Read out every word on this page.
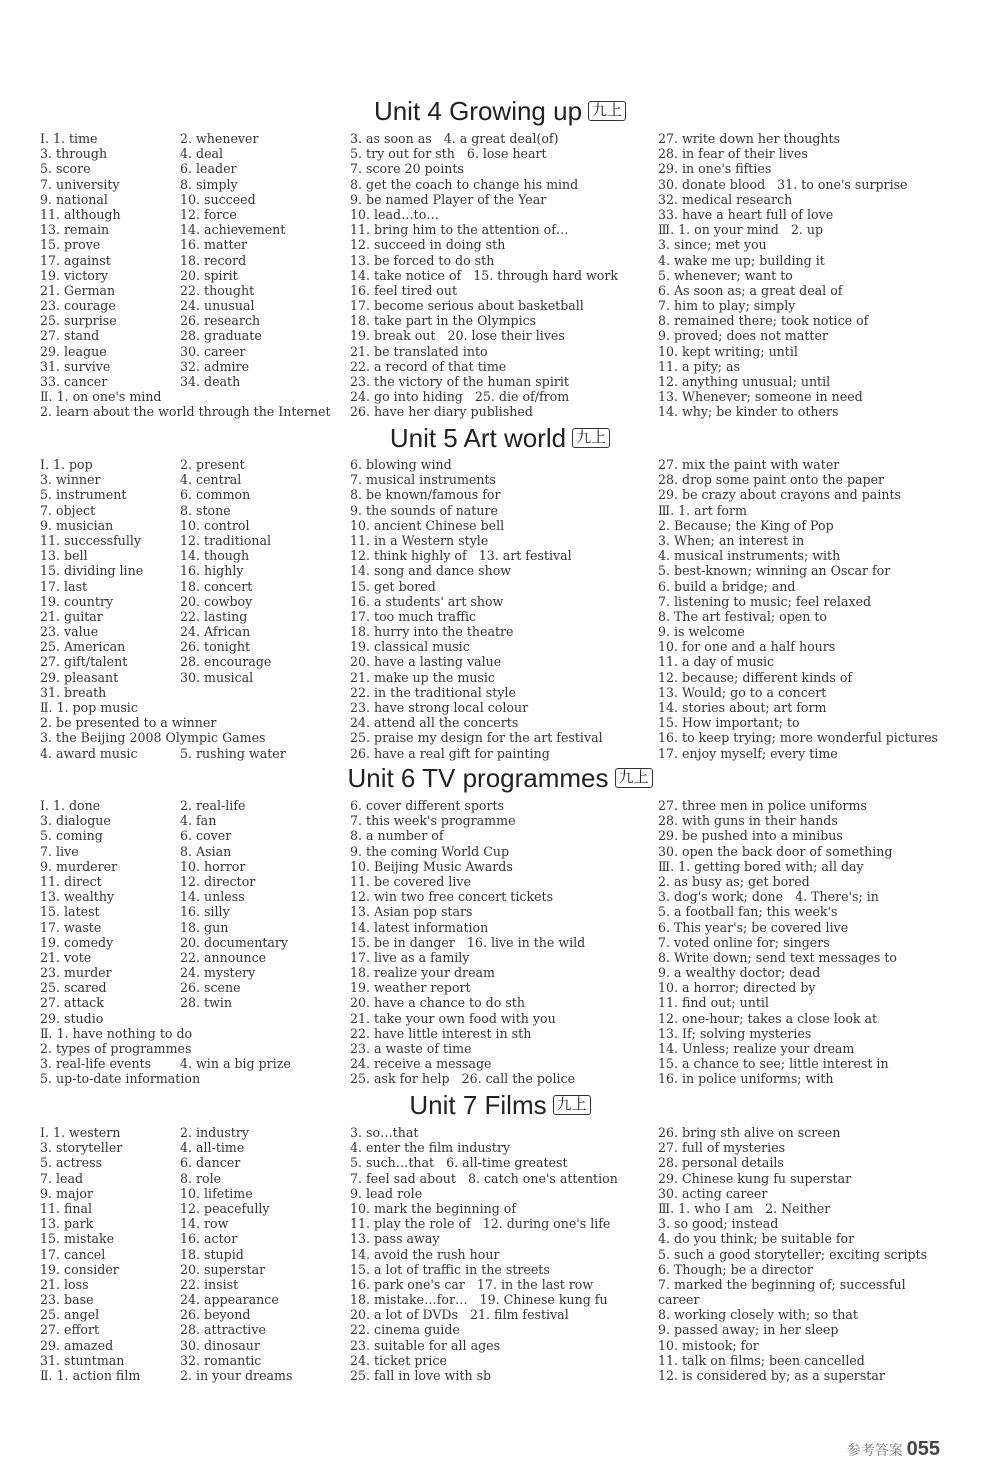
Unit 4 Growing up 九上
Ⅰ. 1. time	2. whenever
3. through	4. deal
5. score	6. leader
7. university	8. simply
9. national	10. succeed
11. although	12. force
13. remain	14. achievement
15. prove	16. matter
17. against	18. record
19. victory	20. spirit
21. German	22. thought
23. courage	24. unusual
25. surprise	26. research
27. stand	28. graduate
29. league	30. career
31. survive	32. admire
33. cancer	34. death
Ⅱ. 1. on one's mind
2. learn about the world through the Internet
3. as soon as 4. a great deal(of)
5. try out for sth 6. lose heart
7. score 20 points
8. get the coach to change his mind
9. be named Player of the Year
10. lead…to…
11. bring him to the attention of…
12. succeed in doing sth
13. be forced to do sth
14. take notice of 15. through hard work
16. feel tired out
17. become serious about basketball
18. take part in the Olympics
19. break out 20. lose their lives
21. be translated into
22. a record of that time
23. the victory of the human spirit
24. go into hiding 25. die of/from
26. have her diary published
27. write down her thoughts
28. in fear of their lives
29. in one's fifties
30. donate blood 31. to one's surprise
32. medical research
33. have a heart full of love
Ⅲ. 1. on your mind 2. up
3. since; met you
4. wake me up; building it
5. whenever; want to
6. As soon as; a great deal of
7. him to play; simply
8. remained there; took notice of
9. proved; does not matter
10. kept writing; until
11. a pity; as
12. anything unusual; until
13. Whenever; someone in need
14. why; be kinder to others
Unit 5 Art world 九上
Ⅰ. 1. pop	2. present
3. winner	4. central
5. instrument	6. common
7. object	8. stone
9. musician	10. control
11. successfully	12. traditional
13. bell	14. though
15. dividing line	16. highly
17. last	18. concert
19. country	20. cowboy
21. guitar	22. lasting
23. value	24. African
25. American	26. tonight
27. gift/talent	28. encourage
29. pleasant	30. musical
31. breath
Ⅱ. 1. pop music
2. be presented to a winner
3. the Beijing 2008 Olympic Games
4. award music	5. rushing water
6. blowing wind
7. musical instruments
8. be known/famous for
9. the sounds of nature
10. ancient Chinese bell
11. in a Western style
12. think highly of 13. art festival
14. song and dance show
15. get bored
16. a students' art show
17. too much traffic
18. hurry into the theatre
19. classical music
20. have a lasting value
21. make up the music
22. in the traditional style
23. have strong local colour
24. attend all the concerts
25. praise my design for the art festival
26. have a real gift for painting
27. mix the paint with water
28. drop some paint onto the paper
29. be crazy about crayons and paints
Ⅲ. 1. art form
2. Because; the King of Pop
3. When; an interest in
4. musical instruments; with
5. best-known; winning an Oscar for
6. build a bridge; and
7. listening to music; feel relaxed
8. The art festival; open to
9. is welcome
10. for one and a half hours
11. a day of music
12. because; different kinds of
13. Would; go to a concert
14. stories about; art form
15. How important; to
16. to keep trying; more wonderful pictures
17. enjoy myself; every time
Unit 6 TV programmes 九上
Ⅰ. 1. done	2. real-life
3. dialogue	4. fan
5. coming	6. cover
7. live	8. Asian
9. murderer	10. horror
11. direct	12. director
13. wealthy	14. unless
15. latest	16. silly
17. waste	18. gun
19. comedy	20. documentary
21. vote	22. announce
23. murder	24. mystery
25. scared	26. scene
27. attack	28. twin
29. studio
Ⅱ. 1. have nothing to do
2. types of programmes
3. real-life events 4. win a big prize
5. up-to-date information
6. cover different sports
7. this week's programme
8. a number of
9. the coming World Cup
10. Beijing Music Awards
11. be covered live
12. win two free concert tickets
13. Asian pop stars
14. latest information
15. be in danger 16. live in the wild
17. live as a family
18. realize your dream
19. weather report
20. have a chance to do sth
21. take your own food with you
22. have little interest in sth
23. a waste of time
24. receive a message
25. ask for help 26. call the police
27. three men in police uniforms
28. with guns in their hands
29. be pushed into a minibus
30. open the back door of something
Ⅲ. 1. getting bored with; all day
2. as busy as; get bored
3. dog's work; done 4. There's; in
5. a football fan; this week's
6. This year's; be covered live
7. voted online for; singers
8. Write down; send text messages to
9. a wealthy doctor; dead
10. a horror; directed by
11. find out; until
12. one-hour; takes a close look at
13. If; solving mysteries
14. Unless; realize your dream
15. a chance to see; little interest in
16. in police uniforms; with
Unit 7 Films 九上
Ⅰ. 1. western	2. industry
3. storyteller	4. all-time
5. actress	6. dancer
7. lead	8. role
9. major	10. lifetime
11. final	12. peacefully
13. park	14. row
15. mistake	16. actor
17. cancel	18. stupid
19. consider	20. superstar
21. loss	22. insist
23. base	24. appearance
25. angel	26. beyond
27. effort	28. attractive
29. amazed	30. dinosaur
31. stuntman	32. romantic
Ⅱ. 1. action film	2. in your dreams
3. so…that
4. enter the film industry
5. such…that 6. all-time greatest
7. feel sad about 8. catch one's attention
9. lead role
10. mark the beginning of
11. play the role of 12. during one's life
13. pass away
14. avoid the rush hour
15. a lot of traffic in the streets
16. park one's car 17. in the last row
18. mistake…for… 19. Chinese kung fu
20. a lot of DVDs 21. film festival
22. cinema guide
23. suitable for all ages
24. ticket price
25. fall in love with sb
26. bring sth alive on screen
27. full of mysteries
28. personal details
29. Chinese kung fu superstar
30. acting career
Ⅲ. 1. who I am 2. Neither
3. so good; instead
4. do you think; be suitable for
5. such a good storyteller; exciting scripts
6. Though; be a director
7. marked the beginning of; successful
career
8. working closely with; so that
9. passed away; in her sleep
10. mistook; for
11. talk on films; been cancelled
12. is considered by; as a superstar
参考答案 055
